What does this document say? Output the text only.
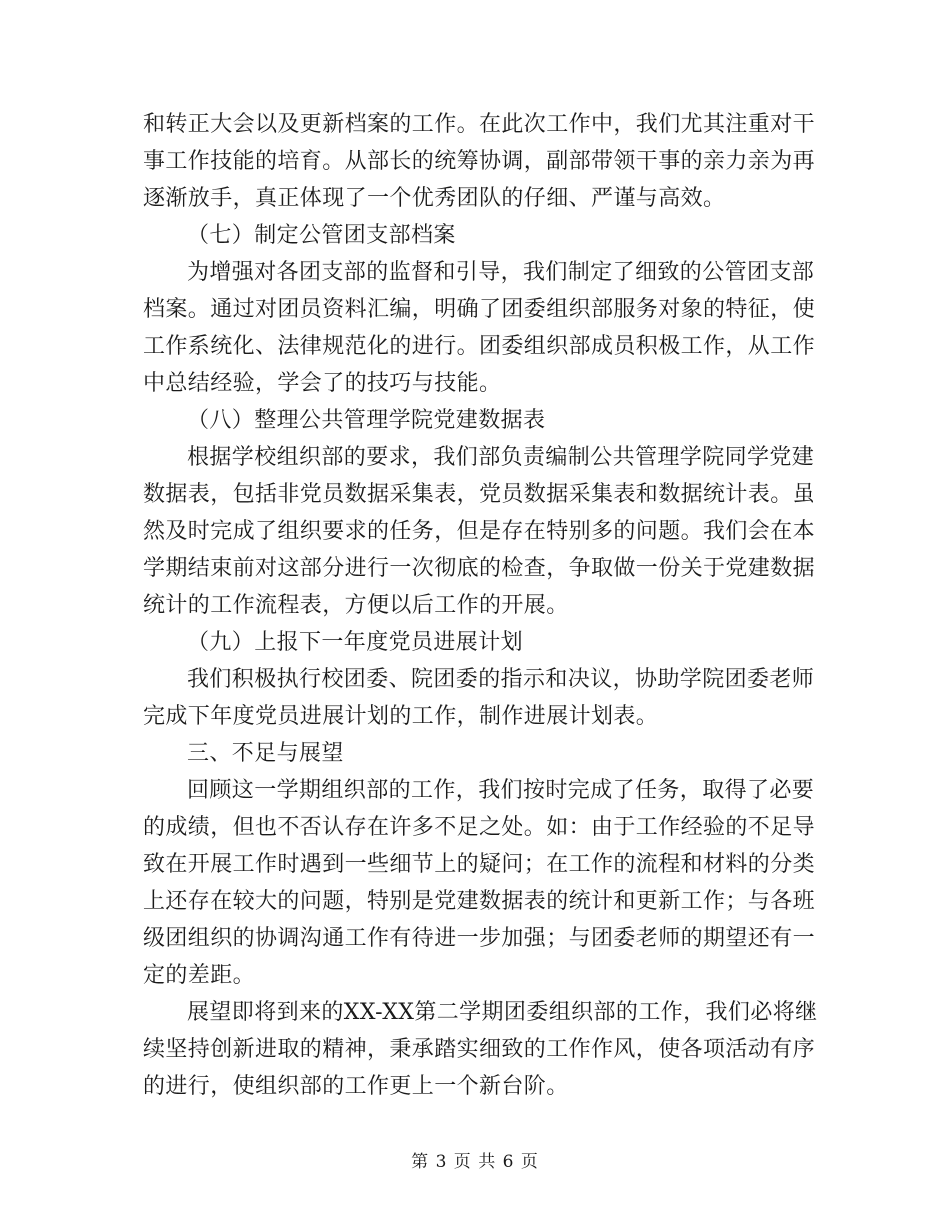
和转正大会以及更新档案的工作。在此次工作中，我们尤其注重对干
事工作技能的培育。从部长的统筹协调，副部带领干事的亲力亲为再
逐渐放手，真正体现了一个优秀团队的仔细、严谨与高效。
（七）制定公管团支部档案
为增强对各团支部的监督和引导，我们制定了细致的公管团支部
档案。通过对团员资料汇编，明确了团委组织部服务对象的特征，使
工作系统化、法律规范化的进行。团委组织部成员积极工作，从工作
中总结经验，学会了的技巧与技能。
（八）整理公共管理学院党建数据表
根据学校组织部的要求，我们部负责编制公共管理学院同学党建
数据表，包括非党员数据采集表，党员数据采集表和数据统计表。虽
然及时完成了组织要求的任务，但是存在特别多的问题。我们会在本
学期结束前对这部分进行一次彻底的检查，争取做一份关于党建数据
统计的工作流程表，方便以后工作的开展。
（九）上报下一年度党员进展计划
我们积极执行校团委、院团委的指示和决议，协助学院团委老师
完成下年度党员进展计划的工作，制作进展计划表。
三、不足与展望
回顾这一学期组织部的工作，我们按时完成了任务，取得了必要
的成绩，但也不否认存在许多不足之处。如：由于工作经验的不足导
致在开展工作时遇到一些细节上的疑问；在工作的流程和材料的分类
上还存在较大的问题，特别是党建数据表的统计和更新工作；与各班
级团组织的协调沟通工作有待进一步加强；与团委老师的期望还有一
定的差距。
展望即将到来的XX-XX第二学期团委组织部的工作，我们必将继
续坚持创新进取的精神，秉承踏实细致的工作作风，使各项活动有序
的进行，使组织部的工作更上一个新台阶。
第 3 页 共 6 页
